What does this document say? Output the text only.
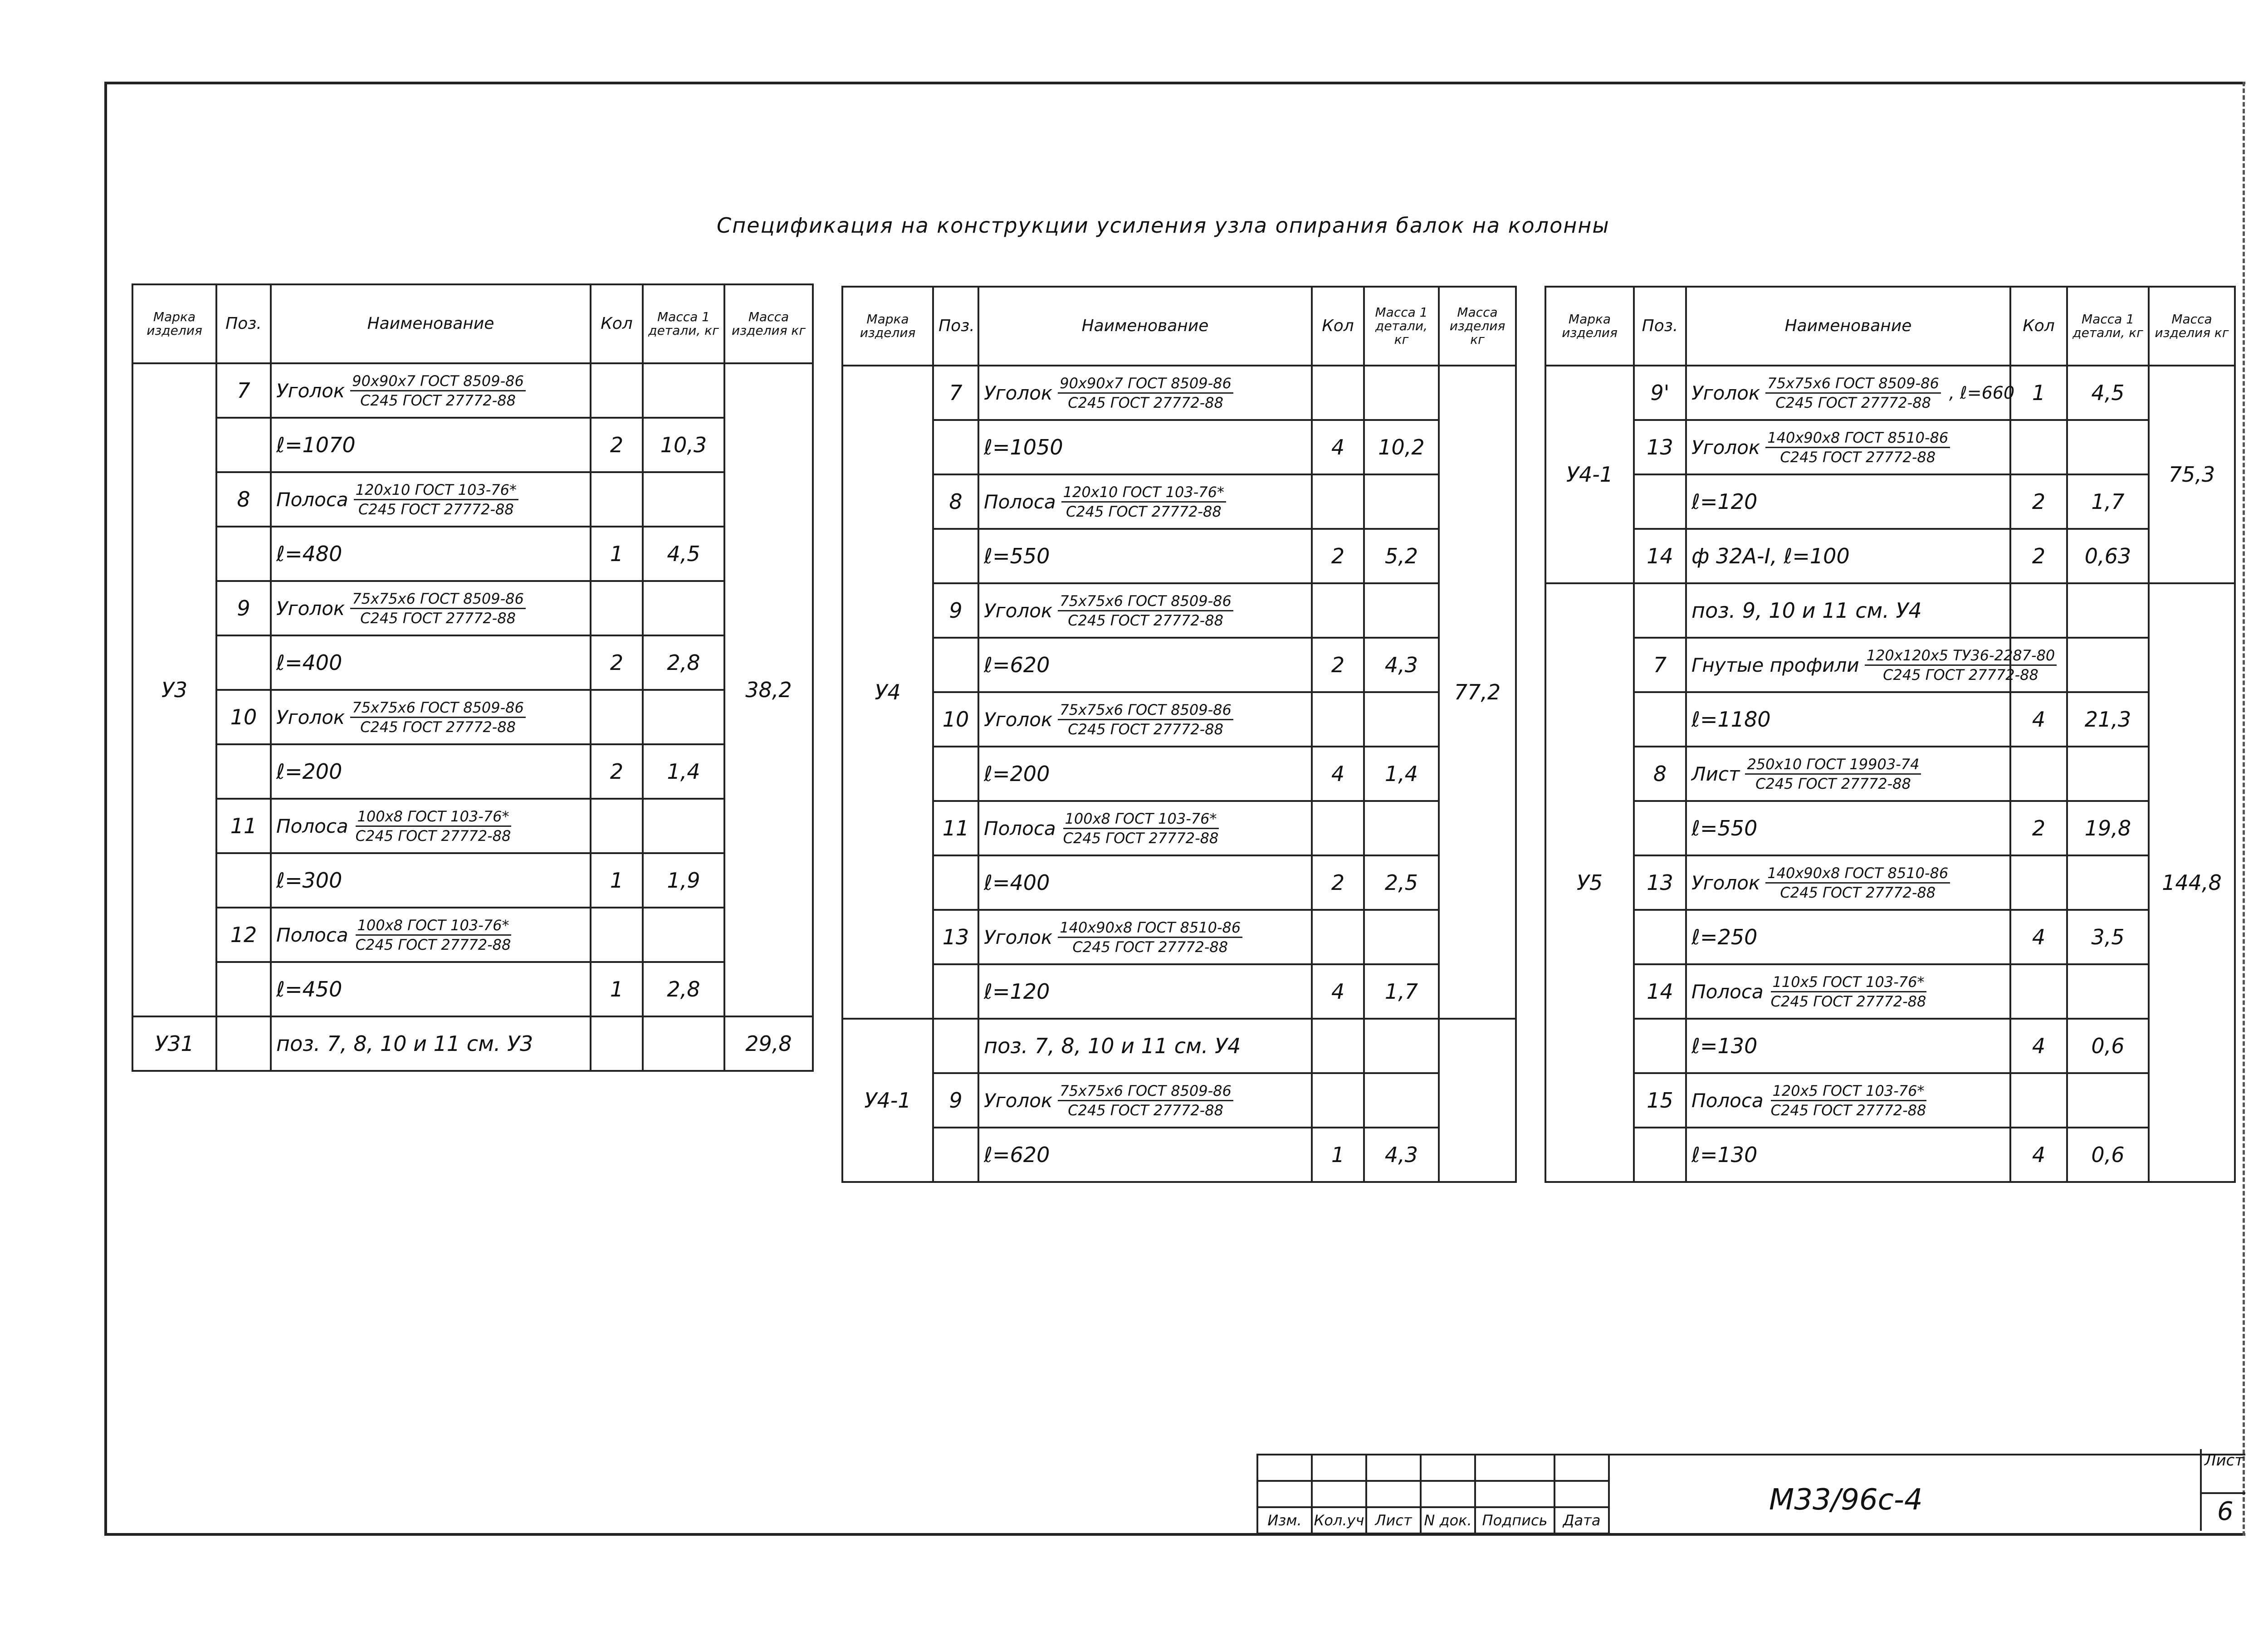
Спецификация на конструкции усиления узла опирания балок на колонны
Марка изделия	Поз.	Наименование	Кол	Масса 1 детали, кг	Масса изделия кг
У3	7	Уголок $\frac{\text{90х90х7 ГОСТ 8509-86}}{\text{С245 ГОСТ 27772-88}}$			38,2

		ℓ=1070	2	10,3	
	8	Полоса $\frac{\text{120х10 ГОСТ 103-76*}}{\text{С245 ГОСТ 27772-88}}$

		ℓ=480	1	4,5	
	9	Уголок $\frac{\text{75х75х6 ГОСТ 8509-86}}{\text{С245 ГОСТ 27772-88}}$

		ℓ=400	2	2,8	
	10	Уголок $\frac{\text{75х75х6 ГОСТ 8509-86}}{\text{С245 ГОСТ 27772-88}}$

		ℓ=200	2	1,4	
	11	Полоса $\frac{\text{100х8 ГОСТ 103-76*}}{\text{С245 ГОСТ 27772-88}}$

		ℓ=300	1	1,9	
	12	Полоса $\frac{\text{100х8 ГОСТ 103-76*}}{\text{С245 ГОСТ 27772-88}}$

		ℓ=450	1	2,8	
У31		поз. 7, 8, 10 и 11 см. У3			29,8
Марка изделия	Поз.	Наименование	Кол	Масса 1 детали, кг	Масса изделия кг
У4	7	Уголок $\frac{\text{90х90х7 ГОСТ 8509-86}}{\text{С245 ГОСТ 27772-88}}$			77,2

		ℓ=1050	4	10,2	
	8	Полоса $\frac{\text{120х10 ГОСТ 103-76*}}{\text{С245 ГОСТ 27772-88}}$

		ℓ=550	2	5,2	
	9	Уголок $\frac{\text{75х75х6 ГОСТ 8509-86}}{\text{С245 ГОСТ 27772-88}}$

		ℓ=620	2	4,3	
	10	Уголок $\frac{\text{75х75х6 ГОСТ 8509-86}}{\text{С245 ГОСТ 27772-88}}$

		ℓ=200	4	1,4	
	11	Полоса $\frac{\text{100х8 ГОСТ 103-76*}}{\text{С245 ГОСТ 27772-88}}$

		ℓ=400	2	2,5	
	13	Уголок $\frac{\text{140х90х8 ГОСТ 8510-86}}{\text{С245 ГОСТ 27772-88}}$

		ℓ=120	4	1,7	
У4-1		поз. 7, 8, 10 и 11 см. У4			

	9	Уголок $\frac{\text{75х75х6 ГОСТ 8509-86}}{\text{С245 ГОСТ 27772-88}}$

		ℓ=620	1	4,3	
Марка изделия	Поз.	Наименование	Кол	Масса 1 детали, кг	Масса изделия кг
У4-1	9'	Уголок $\frac{\text{75х75х6 ГОСТ 8509-86}}{\text{С245 ГОСТ 27772-88}}$ , ℓ=660	1	4,5	75,3
	13	Уголок $\frac{\text{140х90х8 ГОСТ 8510-86}}{\text{С245 ГОСТ 27772-88}}$

		ℓ=120	2	1,7	
	14	ф 32А-I, ℓ=100	2	0,63	
У5		поз. 9, 10 и 11 см. У4			144,8
	7	Гнутые профили $\frac{120х120х5 ТУ36-2287-80}{\text{С245 ГОСТ 27772-88}}$

		ℓ=1180	4	21,3	
	8	Лист $\frac{\text{250х10 ГОСТ 19903-74}}{\text{С245 ГОСТ 27772-88}}$

		ℓ=550	2	19,8	
	13	Уголок $\frac{\text{140х90х8 ГОСТ 8510-86}}{\text{С245 ГОСТ 27772-88}}$

		ℓ=250	4	3,5	
	14	Полоса $\frac{\text{110х5 ГОСТ 103-76*}}{\text{С245 ГОСТ 27772-88}}$

		ℓ=130	4	0,6	
	15	Полоса $\frac{\text{120х5 ГОСТ 103-76*}}{\text{С245 ГОСТ 27772-88}}$

		ℓ=130	4	0,6	

Изм.	Кол.уч	Лист	N док.	Подпись	Дата
М33/96с-4
Лист
6
